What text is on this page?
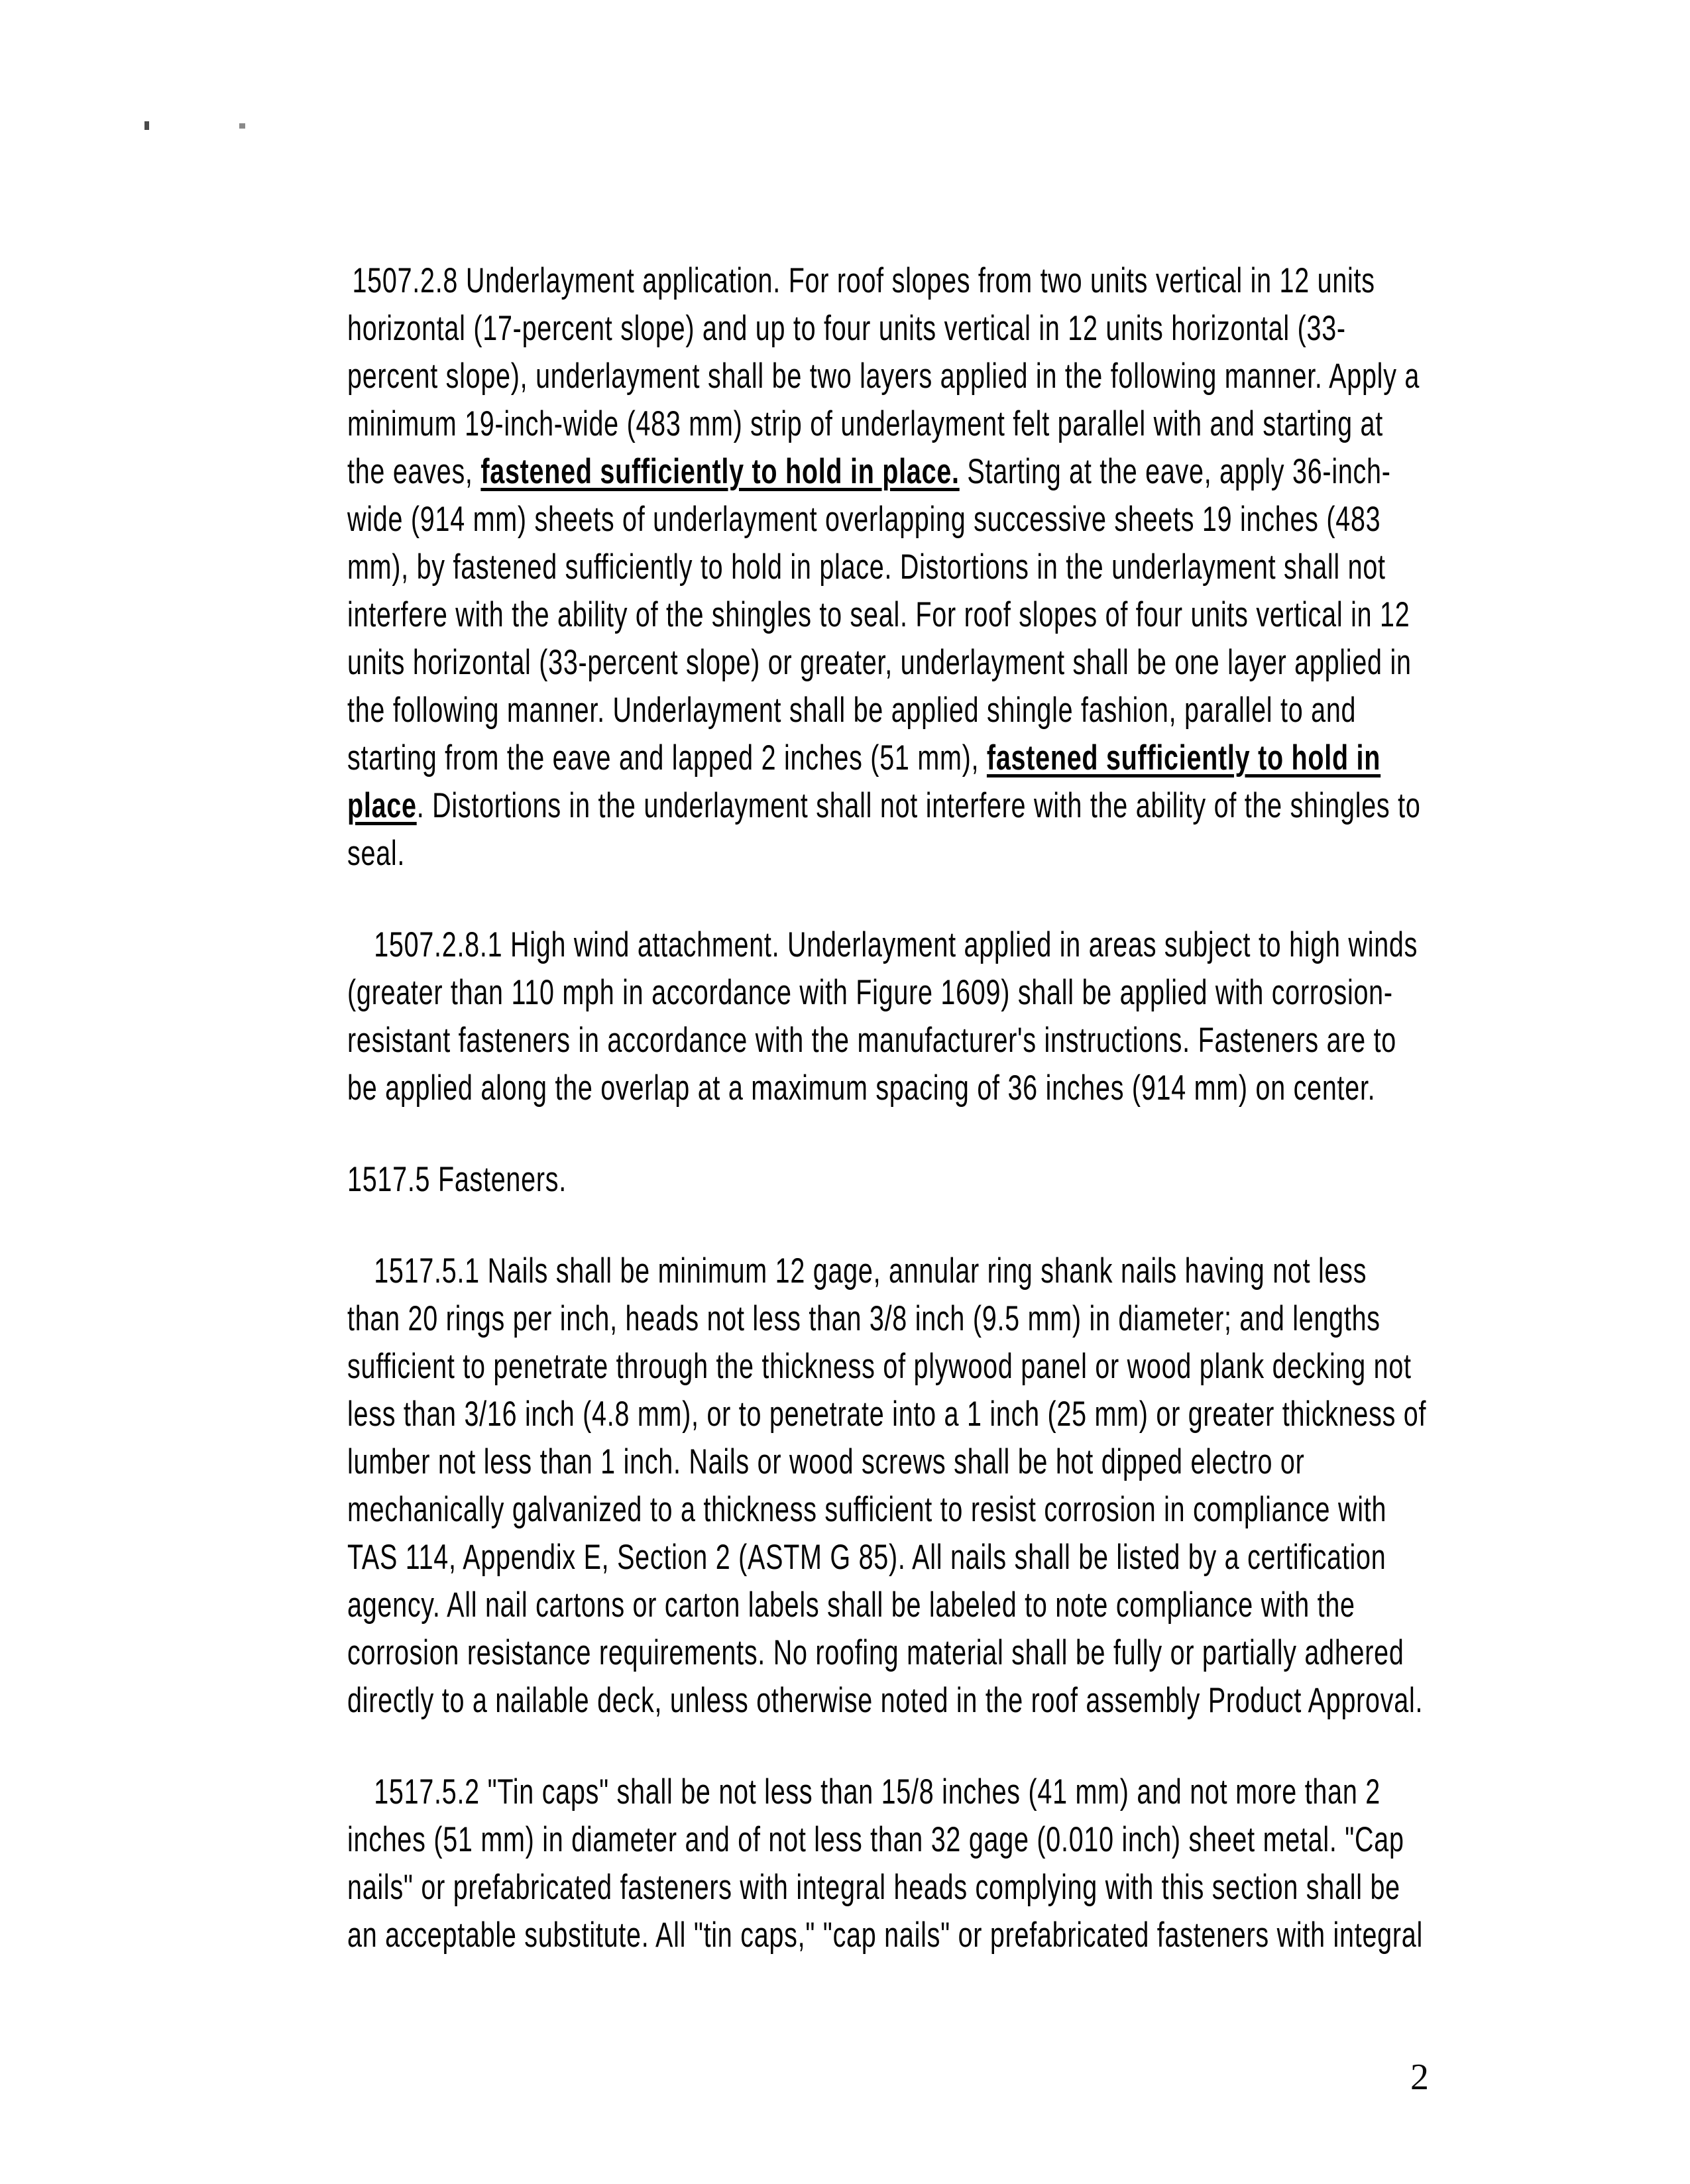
1507.2.8 Underlayment application. For roof slopes from two units vertical in 12 units
horizontal (17-percent slope) and up to four units vertical in 12 units horizontal (33-
percent slope), underlayment shall be two layers applied in the following manner. Apply a
minimum 19-inch-wide (483 mm) strip of underlayment felt parallel with and starting at
the eaves, fastened sufficiently to hold in place. Starting at the eave, apply 36-inch-
wide (914 mm) sheets of underlayment overlapping successive sheets 19 inches (483
mm), by fastened sufficiently to hold in place. Distortions in the underlayment shall not
interfere with the ability of the shingles to seal. For roof slopes of four units vertical in 12
units horizontal (33-percent slope) or greater, underlayment shall be one layer applied in
the following manner. Underlayment shall be applied shingle fashion, parallel to and
starting from the eave and lapped 2 inches (51 mm), fastened sufficiently to hold in
place. Distortions in the underlayment shall not interfere with the ability of the shingles to
seal.
1507.2.8.1 High wind attachment. Underlayment applied in areas subject to high winds
(greater than 110 mph in accordance with Figure 1609) shall be applied with corrosion-
resistant fasteners in accordance with the manufacturer's instructions. Fasteners are to
be applied along the overlap at a maximum spacing of 36 inches (914 mm) on center.
1517.5 Fasteners.
1517.5.1 Nails shall be minimum 12 gage, annular ring shank nails having not less
than 20 rings per inch, heads not less than 3/8 inch (9.5 mm) in diameter; and lengths
sufficient to penetrate through the thickness of plywood panel or wood plank decking not
less than 3/16 inch (4.8 mm), or to penetrate into a 1 inch (25 mm) or greater thickness of
lumber not less than 1 inch. Nails or wood screws shall be hot dipped electro or
mechanically galvanized to a thickness sufficient to resist corrosion in compliance with
TAS 114, Appendix E, Section 2 (ASTM G 85). All nails shall be listed by a certification
agency. All nail cartons or carton labels shall be labeled to note compliance with the
corrosion resistance requirements. No roofing material shall be fully or partially adhered
directly to a nailable deck, unless otherwise noted in the roof assembly Product Approval.
1517.5.2 "Tin caps" shall be not less than 15/8 inches (41 mm) and not more than 2
inches (51 mm) in diameter and of not less than 32 gage (0.010 inch) sheet metal. "Cap
nails" or prefabricated fasteners with integral heads complying with this section shall be
an acceptable substitute. All "tin caps," "cap nails" or prefabricated fasteners with integral
2
